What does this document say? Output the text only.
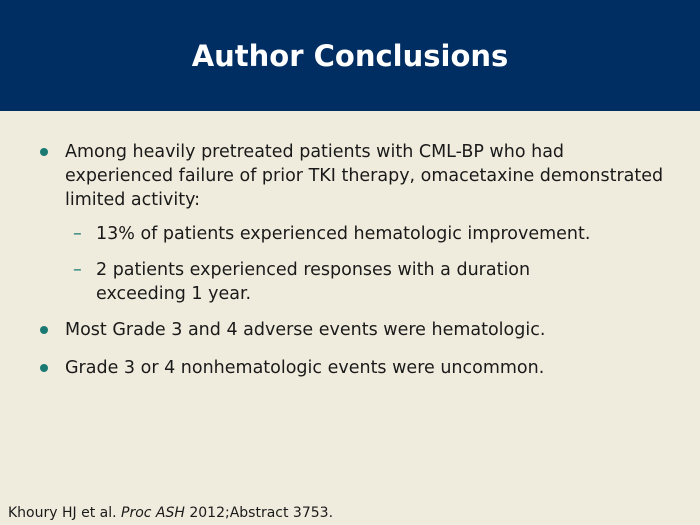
Author Conclusions
Among heavily pretreated patients with CML-BP who had experienced failure of prior TKI therapy, omacetaxine demonstrated limited activity:
– 13% of patients experienced hematologic improvement.
– 2 patients experienced responses with a duration exceeding 1 year.
Most Grade 3 and 4 adverse events were hematologic.
Grade 3 or 4 nonhematologic events were uncommon.
Khoury HJ et al. Proc ASH 2012;Abstract 3753.
